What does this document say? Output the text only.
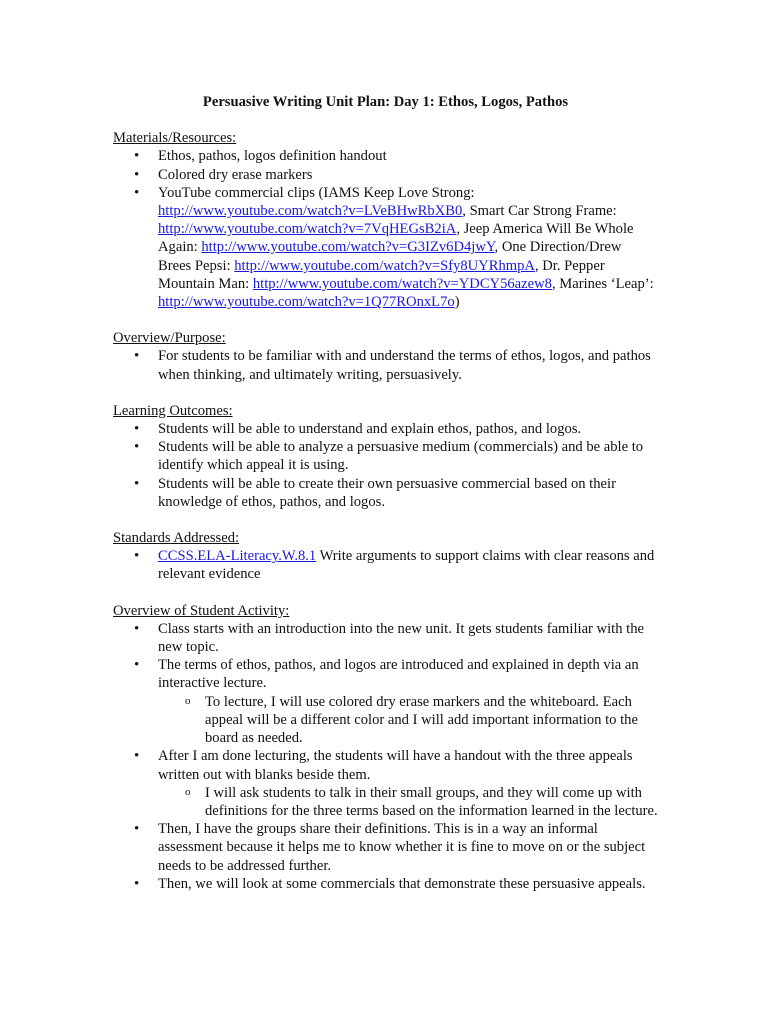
Persuasive Writing Unit Plan: Day 1: Ethos, Logos, Pathos
Materials/Resources:
• Ethos, pathos, logos definition handout
• Colored dry erase markers
• YouTube commercial clips (IAMS Keep Love Strong: http://www.youtube.com/watch?v=LVeBHwRbXB0, Smart Car Strong Frame: http://www.youtube.com/watch?v=7VqHEGsB2iA, Jeep America Will Be Whole Again: http://www.youtube.com/watch?v=G3IZv6D4jwY, One Direction/Drew Brees Pepsi: http://www.youtube.com/watch?v=Sfy8UYRhmpA, Dr. Pepper Mountain Man: http://www.youtube.com/watch?v=YDCY56azew8, Marines ‘Leap’: http://www.youtube.com/watch?v=1Q77ROnxL7o)
Overview/Purpose:
• For students to be familiar with and understand the terms of ethos, logos, and pathos when thinking, and ultimately writing, persuasively.
Learning Outcomes:
• Students will be able to understand and explain ethos, pathos, and logos.
• Students will be able to analyze a persuasive medium (commercials) and be able to identify which appeal it is using.
• Students will be able to create their own persuasive commercial based on their knowledge of ethos, pathos, and logos.
Standards Addressed:
• CCSS.ELA-Literacy.W.8.1 Write arguments to support claims with clear reasons and relevant evidence
Overview of Student Activity:
• Class starts with an introduction into the new unit. It gets students familiar with the new topic.
• The terms of ethos, pathos, and logos are introduced and explained in depth via an interactive lecture.
o To lecture, I will use colored dry erase markers and the whiteboard. Each appeal will be a different color and I will add important information to the board as needed.
• After I am done lecturing, the students will have a handout with the three appeals written out with blanks beside them.
o I will ask students to talk in their small groups, and they will come up with definitions for the three terms based on the information learned in the lecture.
• Then, I have the groups share their definitions. This is in a way an informal assessment because it helps me to know whether it is fine to move on or the subject needs to be addressed further.
• Then, we will look at some commercials that demonstrate these persuasive appeals.
